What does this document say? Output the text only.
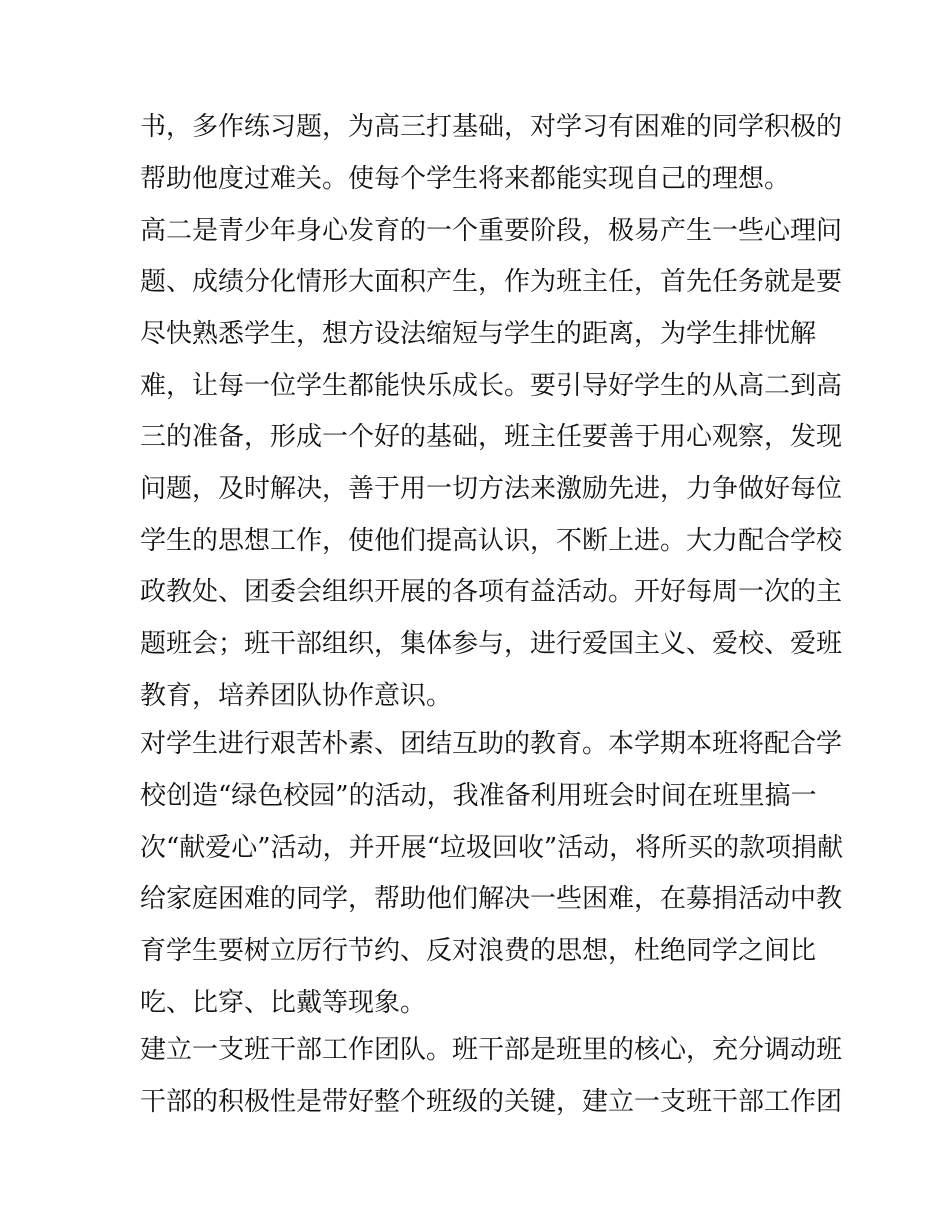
书，多作练习题，为高三打基础，对学习有困难的同学积极的

帮助他度过难关。使每个学生将来都能实现自己的理想。

高二是青少年身心发育的一个重要阶段，极易产生一些心理问

题、成绩分化情形大面积产生，作为班主任，首先任务就是要

尽快熟悉学生，想方设法缩短与学生的距离，为学生排忧解

难，让每一位学生都能快乐成长。要引导好学生的从高二到高

三的准备，形成一个好的基础，班主任要善于用心观察，发现

问题，及时解决，善于用一切方法来激励先进，力争做好每位

学生的思想工作，使他们提高认识，不断上进。大力配合学校

政教处、团委会组织开展的各项有益活动。开好每周一次的主

题班会；班干部组织，集体参与，进行爱国主义、爱校、爱班

教育，培养团队协作意识。

对学生进行艰苦朴素、团结互助的教育。本学期本班将配合学

校创造“绿色校园”的活动，我准备利用班会时间在班里搞一

次“献爱心”活动，并开展“垃圾回收”活动，将所买的款项捐献

给家庭困难的同学，帮助他们解决一些困难，在募捐活动中教

育学生要树立厉行节约、反对浪费的思想，杜绝同学之间比

吃、比穿、比戴等现象。

建立一支班干部工作团队。班干部是班里的核心，充分调动班

干部的积极性是带好整个班级的关键，建立一支班干部工作团
